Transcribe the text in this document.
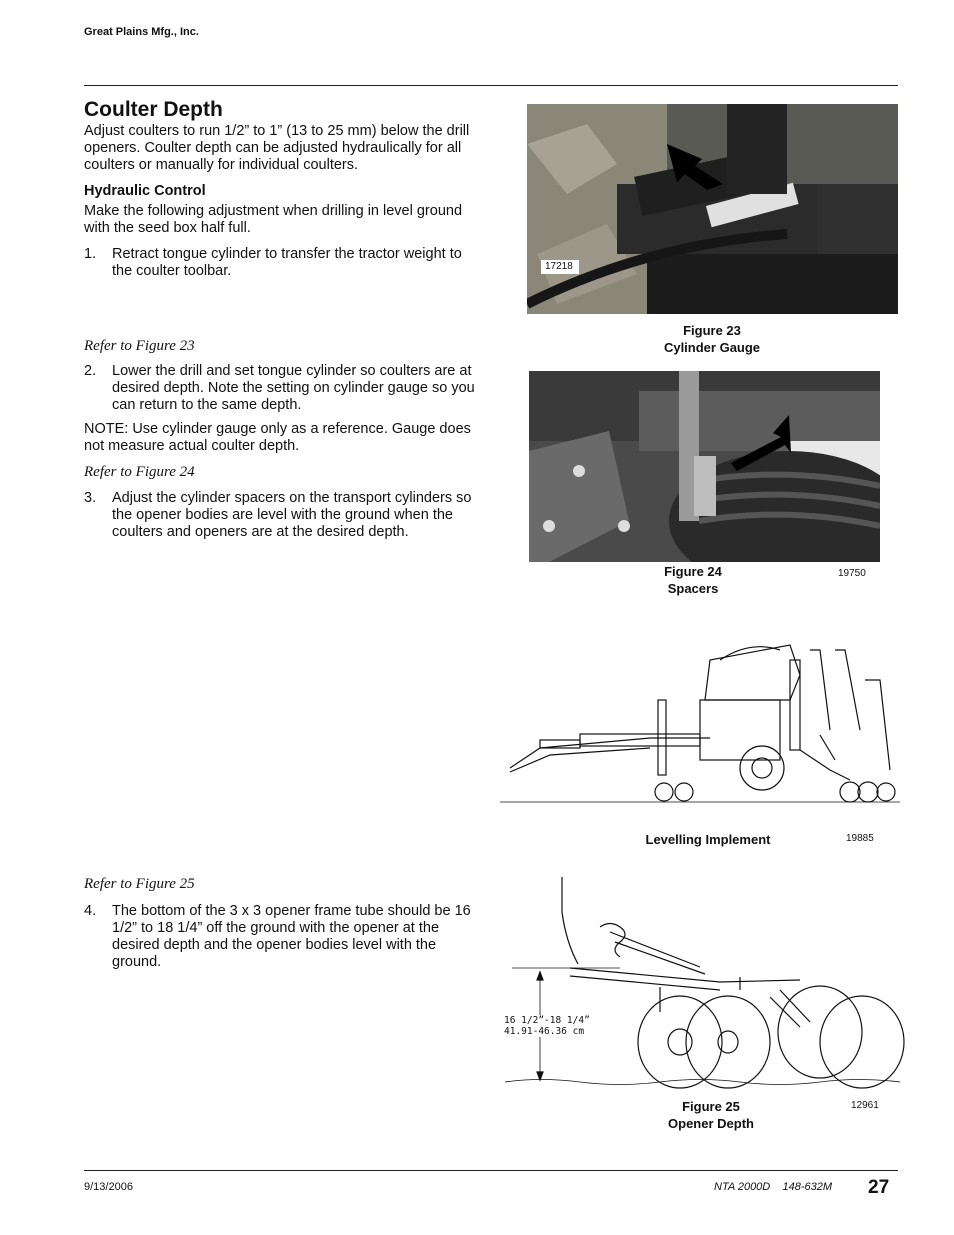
Great Plains Mfg., Inc.
Coulter Depth
Adjust coulters to run 1/2” to 1” (13 to 25 mm) below the drill openers. Coulter depth can be adjusted hydraulically for all coulters or manually for individual coulters.
Hydraulic Control
Make the following adjustment when drilling in level ground with the seed box half full.
1.	Retract tongue cylinder to transfer the tractor weight to the coulter toolbar.
Refer to Figure 23
2.	Lower the drill and set tongue cylinder so coulters are at desired depth. Note the setting on cylinder gauge so you can return to the same depth.
NOTE: Use cylinder gauge only as a reference. Gauge does not measure actual coulter depth.
Refer to Figure 24
3.	Adjust the cylinder spacers on the transport cylinders so the opener bodies are level with the ground when the coulters and openers are at the desired depth.
Refer to Figure 25
4.	The bottom of the 3 x 3 opener frame tube should be 16 1/2” to 18 1/4” off the ground with the opener at the desired depth and the opener bodies level with the ground.
17218
Figure 23
Cylinder Gauge
Figure 24
Spacers
19750
Levelling Implement	19885
16 1/2”-18 1/4”
41.91-46.36 cm
Figure 25
Opener Depth
12961
9/13/2006	NTA 2000D    148-632M 27
